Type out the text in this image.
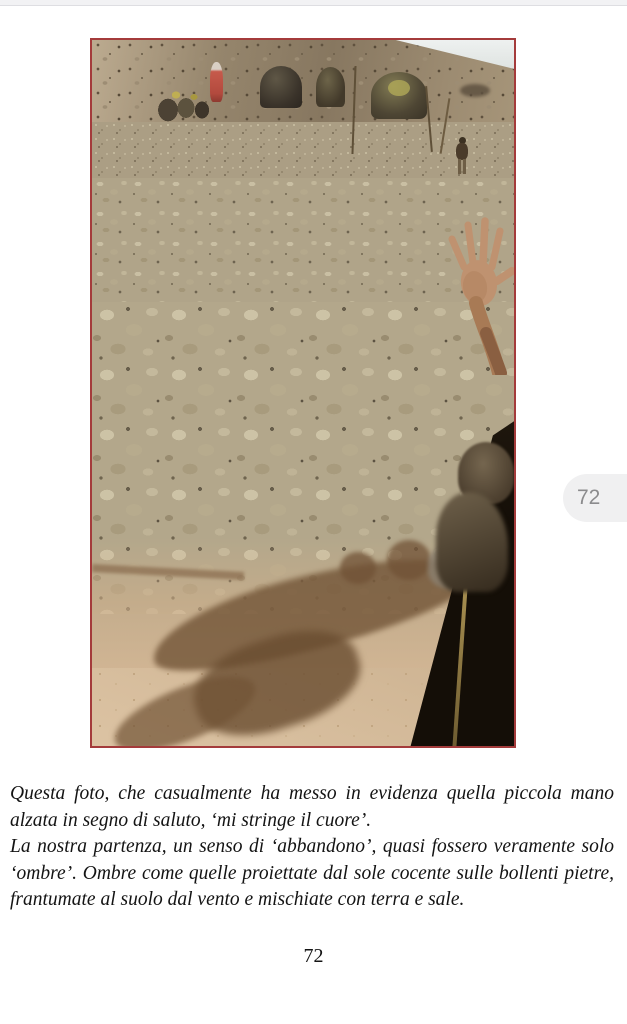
Questa foto, che casualmente ha messo in evidenza quella piccola mano alzata in segno di saluto, ‘mi stringe il cuore’.

La nostra partenza, un senso di ‘abbandono’, quasi fossero veramente solo ‘ombre’. Ombre come quelle proiettate dal sole cocente sulle bollenti pietre, frantumate al suolo dal vento e mischiate con terra e sale.

72
72
